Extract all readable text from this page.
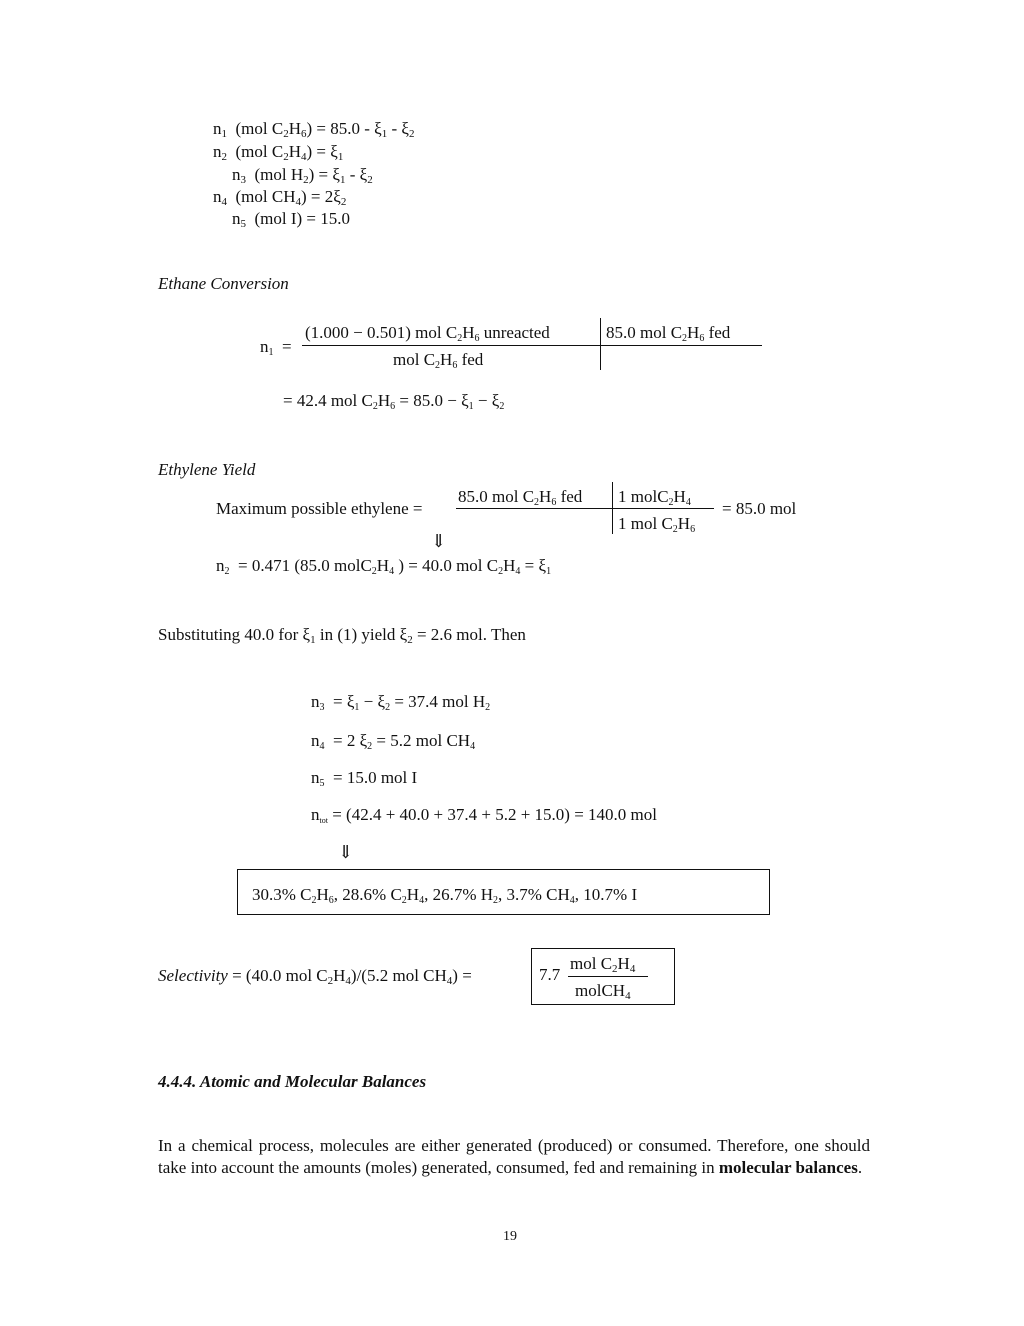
$n_1$ (mol $C_2H_6) = 85.0 - \xi_1 - \xi_2$
$n_2$ (mol $C_2H_4) = \xi_1$
$n_3$ (mol $H_2) = \xi_1 - \xi_2$
$n_4$ (mol $CH_4) = 2\xi_2$
$n_5$ (mol I) = 15.0
Ethane Conversion
$n_1$  =
(1.000 − 0.501) mol $C_2H_6$ unreacted
mol $C_2H_6$ fed
85.0 mol $C_2H_6$ fed
= 42.4 mol $C_2H_6 = 85.0 - \xi_1 - \xi_2$
Ethylene Yield
Maximum possible ethylene =
85.0 mol $C_2H_6$ fed 1 $molC_2H_4$
1 mol $C_2H_6$
= 85.0 mol
⇓
$n_2 = 0.471$ (85.0 $molC_2H_4$ ) = 40.0 mol $C_2H_4 = \xi_1$
Substituting 40.0 for $\xi_1$ in (1) yield $\xi_2 = 2.6$ mol. Then
$n_3 = \xi_1 - \xi_2 = 37.4$ mol $H_2$
$n_4 = 2$ $\xi_2 = 5.2$ mol $CH_4$
$n_5 = 15.0$ mol I
$n_{tot} = (42.4 + 40.0 + 37.4 + 5.2 + 15.0) = 140.0$ mol
⇓
30.3% $C_2H_6$, 28.6% $C_2H_4$, 26.7% $H_2$, 3.7% $CH_4$, 10.7% I
Selectivity = (40.0 mol $C_2H_4)/(5.2$ mol $CH_4$) =	7.7
mol $C_2H_4$
molCH$_4$
4.4.4. Atomic and Molecular Balances
In a chemical process, molecules are either generated (produced) or consumed. Therefore, one should take into account the amounts (moles) generated, consumed, fed and remaining in molecular balances.
19
